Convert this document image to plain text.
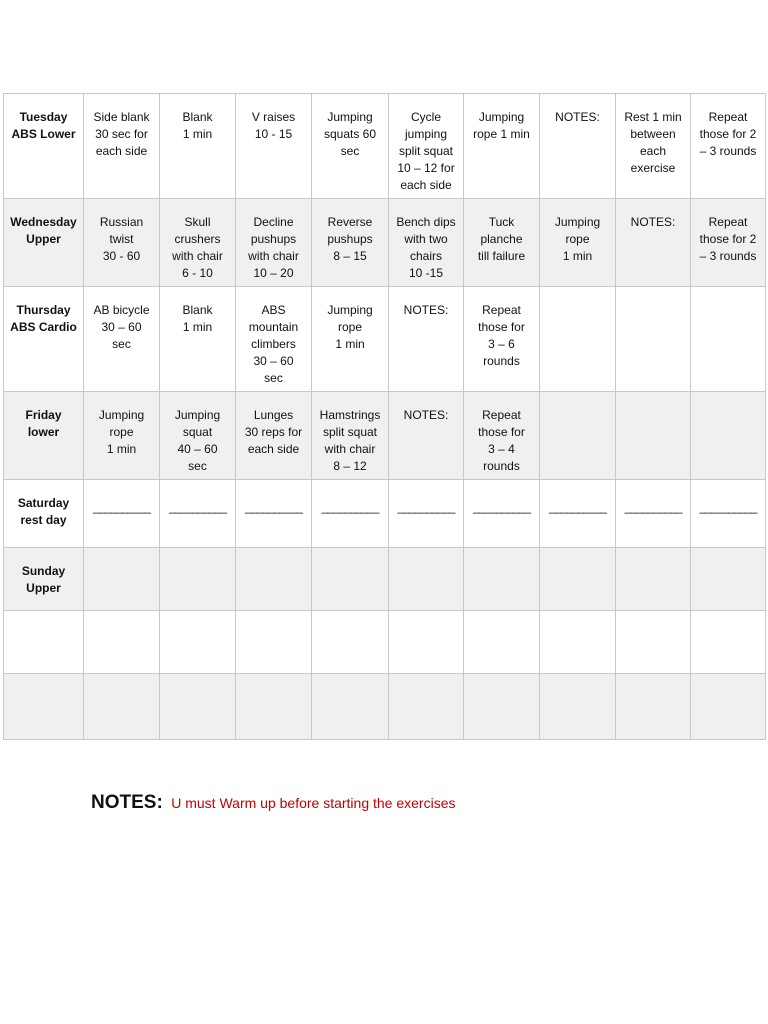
Tuesday
ABS Lower	Side blank
30 sec for
each side	Blank
1 min	V raises
10 - 15	Jumping
squats 60
sec	Cycle
jumping
split squat
10 – 12 for
each side	Jumping
rope 1 min	NOTES:	Rest 1 min
between
each
exercise	Repeat
those for 2
– 3 rounds

Wednesday
Upper	Russian
twist
30 - 60	Skull
crushers
with chair
6 - 10	Decline
pushups
with chair
10 – 20	Reverse
pushups
8 – 15	Bench dips
with two
chairs
10 -15	Tuck
planche
till failure	Jumping
rope
1 min	NOTES:	Repeat
those for 2
– 3 rounds

Thursday
ABS Cardio	AB bicycle
30 – 60
sec	Blank
1 min	ABS
mountain
climbers
30 – 60
sec	Jumping
rope
1 min	NOTES:	Repeat
those for
3 – 6
rounds			

Friday
lower	Jumping
rope
1 min	Jumping
squat
40 – 60
sec	Lunges
30 reps for
each side	Hamstrings
split squat
with chair
8 – 12	NOTES:	Repeat
those for
3 – 4
rounds			

Saturday
rest day	__________	__________	__________	__________	__________	__________	__________	__________	__________

Sunday
Upper									

NOTES: U must Warm up before starting the exercises
